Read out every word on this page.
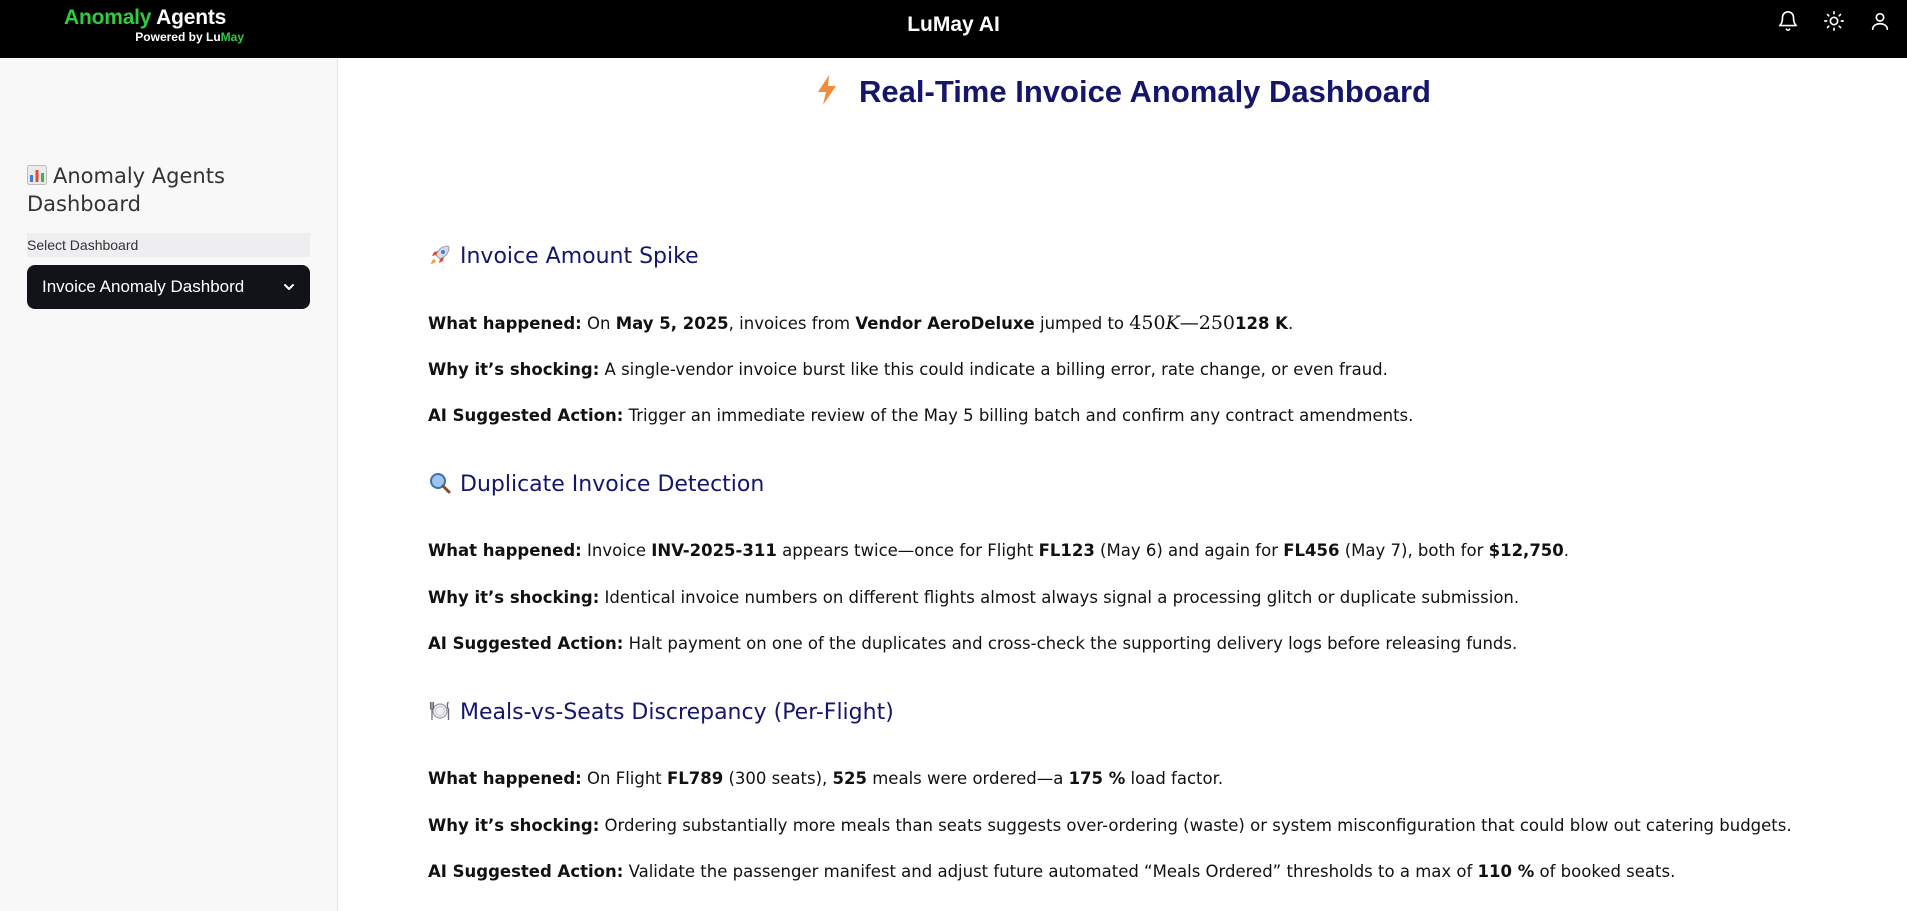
Anomaly Agents
Powered by LuMay
LuMay AI
Anomaly Agents Dashboard
Select Dashboard
Invoice Anomaly Dashbord
Real-Time Invoice Anomaly Dashboard
Invoice Amount Spike
What happened: On May 5, 2025, invoices from Vendor AeroDeluxe jumped to 450K—250128 K.
Why it’s shocking: A single-vendor invoice burst like this could indicate a billing error, rate change, or even fraud.
AI Suggested Action: Trigger an immediate review of the May 5 billing batch and confirm any contract amendments.
Duplicate Invoice Detection
What happened: Invoice INV-2025-311 appears twice—once for Flight FL123 (May 6) and again for FL456 (May 7), both for $12,750.
Why it’s shocking: Identical invoice numbers on different flights almost always signal a processing glitch or duplicate submission.
AI Suggested Action: Halt payment on one of the duplicates and cross-check the supporting delivery logs before releasing funds.
Meals-vs-Seats Discrepancy (Per-Flight)
What happened: On Flight FL789 (300 seats), 525 meals were ordered—a 175 % load factor.
Why it’s shocking: Ordering substantially more meals than seats suggests over-ordering (waste) or system misconfiguration that could blow out catering budgets.
AI Suggested Action: Validate the passenger manifest and adjust future automated “Meals Ordered” thresholds to a max of 110 % of booked seats.
